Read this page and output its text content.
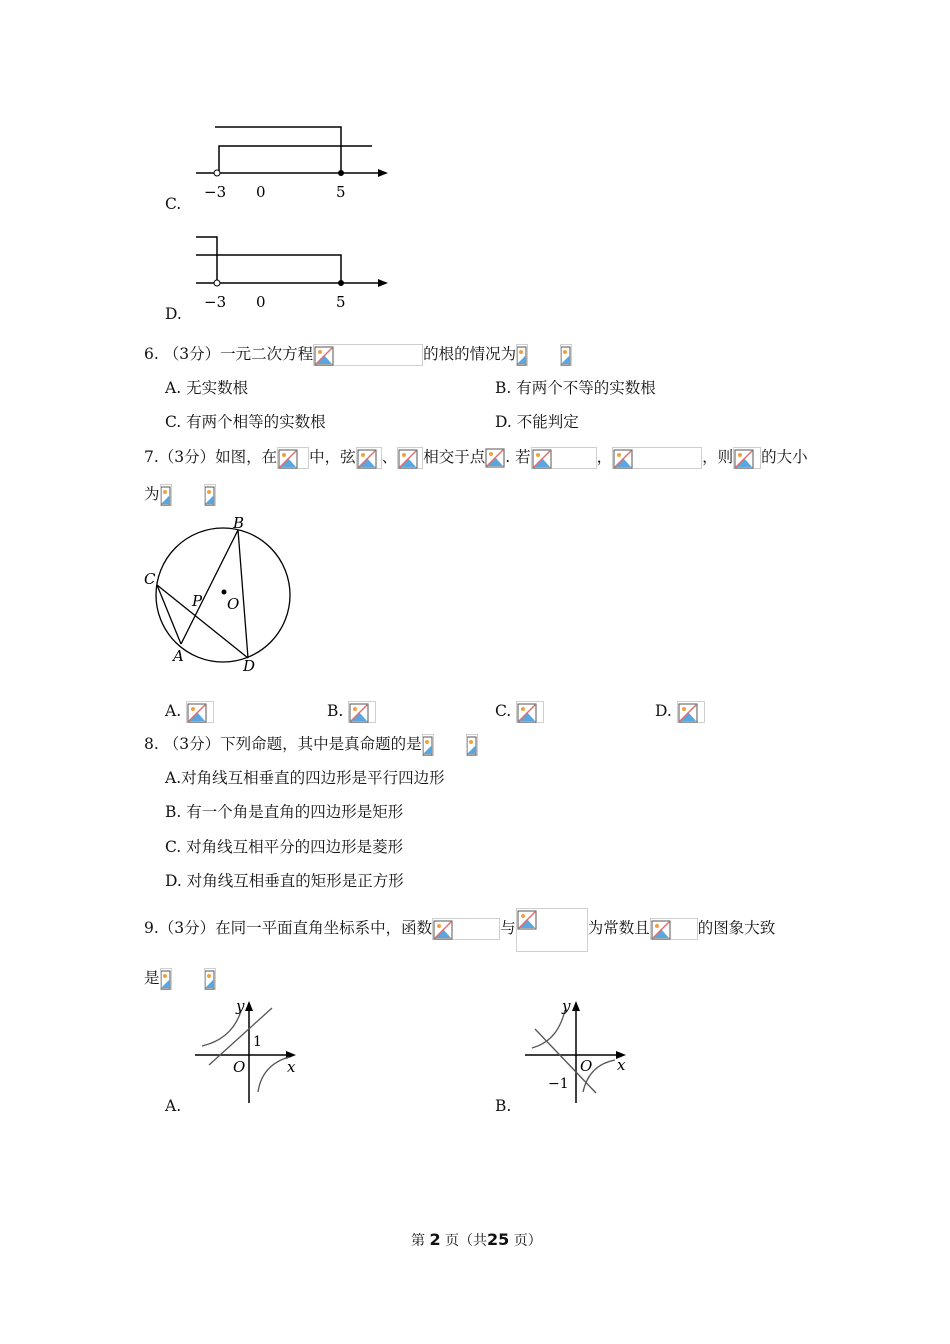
−3 0	5
C.
−3 0	5
D.
6. （3分）一元二次方程	的根的情况为
A. 无实数根	B. 有两个不等的实数根
C. 有两个相等的实数根	D. 不能判定
7.（3分）如图，在 中，弦 、 相交于点 . 若	，	，则 的大小
为
B
C
P O
A
D
A.	B.	C.	D.
8. （3分）下列命题，其中是真命题的是
A.对角线互相垂直的四边形是平行四边形
B. 有一个角是直角的四边形是矩形
C. 对角线互相平分的四边形是菱形
D. 对角线互相垂直的矩形是正方形
9.（3分）在同一平面直角坐标系中，函数	与	为常数且	的图象大致
是
y
x
O
1
A.
y
x
O
−1
B.
第 2 页（共25 页）
